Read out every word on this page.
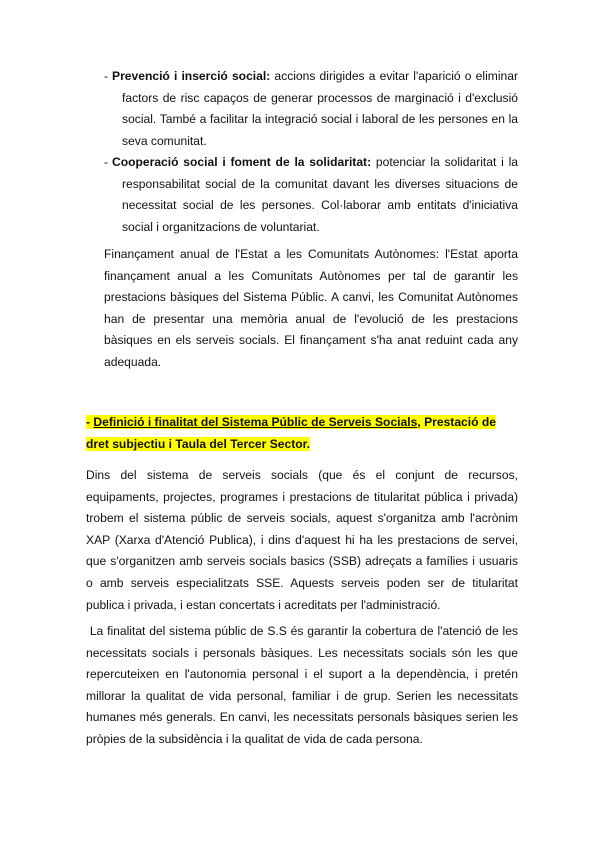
- Prevenció i inserció social: accions dirigides a evitar l'aparició o eliminar
factors de risc capaços de generar processos de marginació i d'exclusió
social. També a facilitar la integració social i laboral de les persones en la
seva comunitat.
- Cooperació social i foment de la solidaritat: potenciar la solidaritat i la
responsabilitat social de la comunitat davant les diverses situacions de
necessitat social de les persones. Col·laborar amb entitats d'iniciativa
social i organitzacions de voluntariat.
Finançament anual de l'Estat a les Comunitats Autònomes: l'Estat aporta
finançament anual a les Comunitats Autònomes per tal de garantir les
prestacions bàsiques del Sistema Públic. A canvi, les Comunitat Autònomes
han de presentar una memòria anual de l'evolució de les prestacions
bàsiques en els serveis socials. El finançament s'ha anat reduint cada any
adequada.
- Definició i finalitat del Sistema Públic de Serveis Socials, Prestació de
dret subjectiu i Taula del Tercer Sector.
Dins del sistema de serveis socials (que és el conjunt de recursos,
equipaments, projectes, programes i prestacions de titularitat pública i privada)
trobem el sistema públic de serveis socials, aquest s'organitza amb l'acrònim
XAP (Xarxa d'Atenció Publica), i dins d'aquest hi ha les prestacions de servei,
que s'organitzen amb serveis socials basics (SSB) adreçats a famílies i usuaris
o amb serveis especialitzats SSE. Aquests serveis poden ser de titularitat
publica i privada, i estan concertats i acreditats per l'administració.
La finalitat del sistema públic de S.S és garantir la cobertura de l'atenció de les
necessitats socials i personals bàsiques. Les necessitats socials són les que
repercuteixen en l'autonomia personal i el suport a la dependència, i pretén
millorar la qualitat de vida personal, familiar i de grup. Serien les necessitats
humanes més generals. En canvi, les necessitats personals bàsiques serien les
pròpies de la subsidència i la qualitat de vida de cada persona.
